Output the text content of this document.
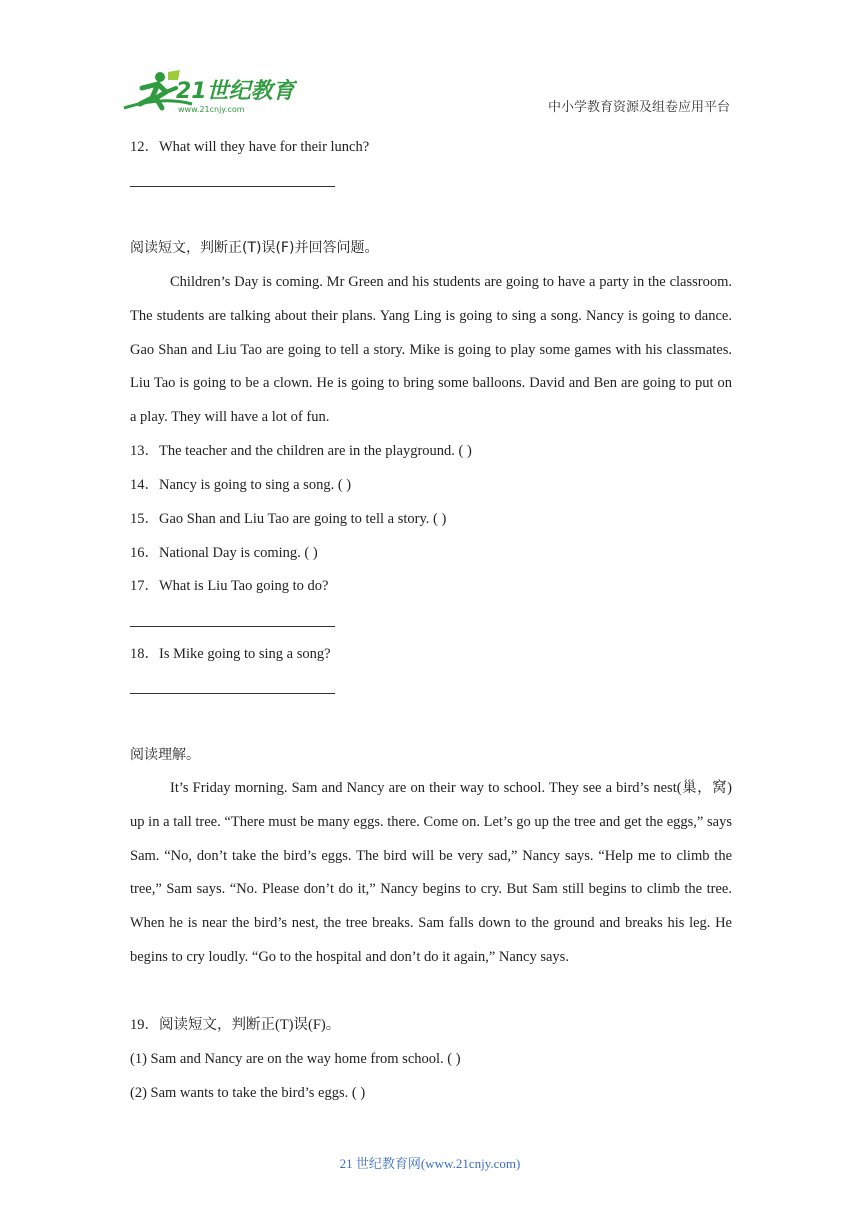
21世纪教育
www.21cnjy.com	中小学教育资源及组卷应用平台
12．What will they have for their lunch?
阅读短文，判断正(T)误(F)并回答问题。
Children’s Day is coming. Mr Green and his students are going to have a party in the classroom. The students are talking about their plans. Yang Ling is going to sing a song. Nancy is going to dance. Gao Shan and Liu Tao are going to tell a story. Mike is going to play some games with his classmates. Liu Tao is going to be a clown. He is going to bring some balloons. David and Ben are going to put on a play. They will have a lot of fun.
13．The teacher and the children are in the playground. ( )
14．Nancy is going to sing a song. ( )
15．Gao Shan and Liu Tao are going to tell a story. ( )
16．National Day is coming. ( )
17．What is Liu Tao going to do?
18．Is Mike going to sing a song?
阅读理解。
It’s Friday morning. Sam and Nancy are on their way to school. They see a bird’s nest(巢，窝) up in a tall tree. “There must be many eggs. there. Come on. Let’s go up the tree and get the eggs,” says Sam. “No, don’t take the bird’s eggs. The bird will be very sad,” Nancy says. “Help me to climb the tree,” Sam says. “No. Please don’t do it,” Nancy begins to cry. But Sam still begins to climb the tree. When he is near the bird’s nest, the tree breaks. Sam falls down to the ground and breaks his leg. He begins to cry loudly. “Go to the hospital and don’t do it again,” Nancy says.
19．阅读短文，判断正(T)误(F)。
(1) Sam and Nancy are on the way home from school. ( )
(2) Sam wants to take the bird’s eggs. ( )
21 世纪教育网(www.21cnjy.com)
